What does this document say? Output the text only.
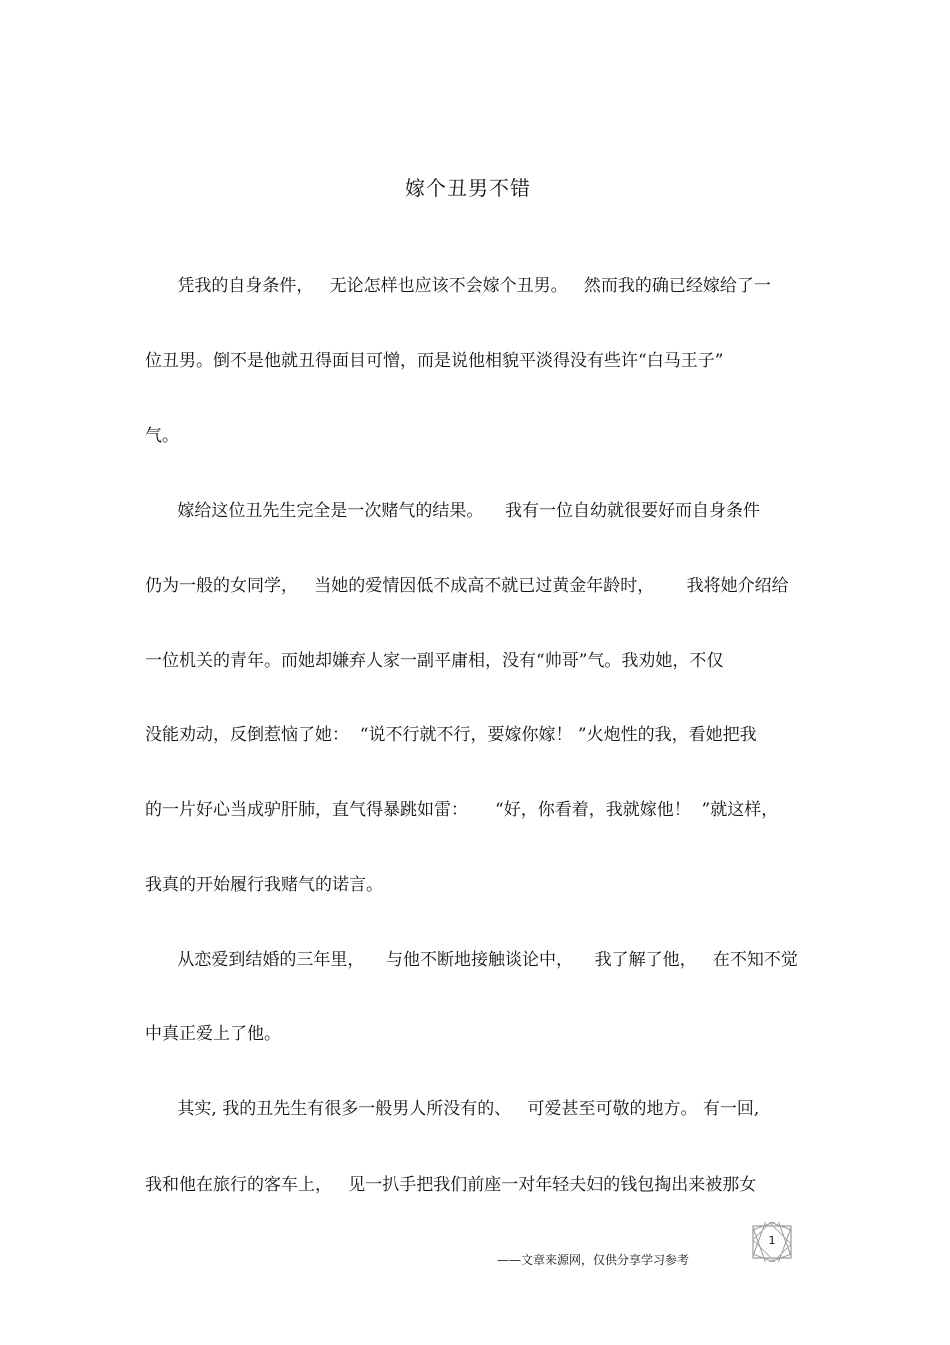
嫁个丑男不错
凭我的自身条件，   无论怎样也应该不会嫁个丑男。   然而我的确已经嫁给了一
位丑男。倒不是他就丑得面目可憎，而是说他相貌平淡得没有些许“白马王子”
气。
嫁给这位丑先生完全是一次赌气的结果。    我有一位自幼就很要好而自身条件
仍为一般的女同学，   当她的爱情因低不成高不就已过黄金年龄时，      我将她介绍给
一位机关的青年。而她却嫌弃人家一副平庸相，没有“帅哥”气。我劝她，不仅
没能劝动，反倒惹恼了她：  “说不行就不行，要嫁你嫁！ ”火炮性的我，看她把我
的一片好心当成驴肝肺，直气得暴跳如雷：     “好，你看着，我就嫁他！  ”就这样，
我真的开始履行我赌气的诺言。
从恋爱到结婚的三年里，    与他不断地接触谈论中，    我了解了他，   在不知不觉
中真正爱上了他。
其实, 我的丑先生有很多一般男人所没有的、   可爱甚至可敬的地方。 有一回,
我和他在旅行的客车上，   见一扒手把我们前座一对年轻夫妇的钱包掏出来被那女
1
——文章来源网，仅供分享学习参考
